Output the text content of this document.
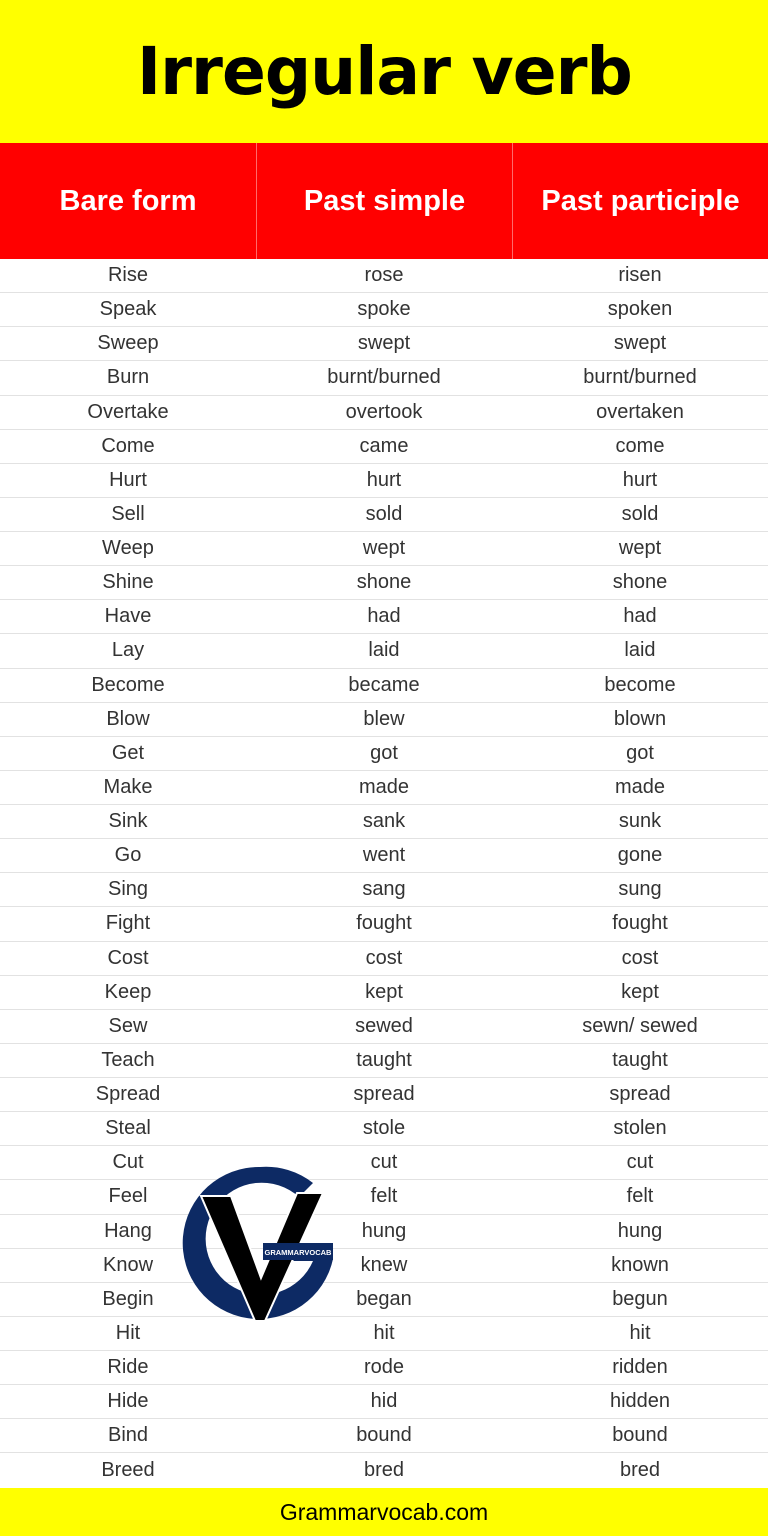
Irregular verb
Bare form	Past simple	Past participle
Rise	rose	risen
Speak	spoke	spoken
Sweep	swept	swept
Burn	burnt/burned	burnt/burned
Overtake	overtook	overtaken
Come	came	come
Hurt	hurt	hurt
Sell	sold	sold
Weep	wept	wept
Shine	shone	shone
Have	had	had
Lay	laid	laid
Become	became	become
Blow	blew	blown
Get	got	got
Make	made	made
Sink	sank	sunk
Go	went	gone
Sing	sang	sung
Fight	fought	fought
Cost	cost	cost
Keep	kept	kept
Sew	sewed	sewn/ sewed
Teach	taught	taught
Spread	spread	spread
Steal	stole	stolen
Cut	cut	cut
Feel	felt	felt
Hang	hung	hung
Know	knew	known
Begin	began	begun
Hit	hit	hit
Ride	rode	ridden
Hide	hid	hidden
Bind	bound	bound
Breed	bred	bred
GRAMMARVOCAB
Grammarvocab.com
